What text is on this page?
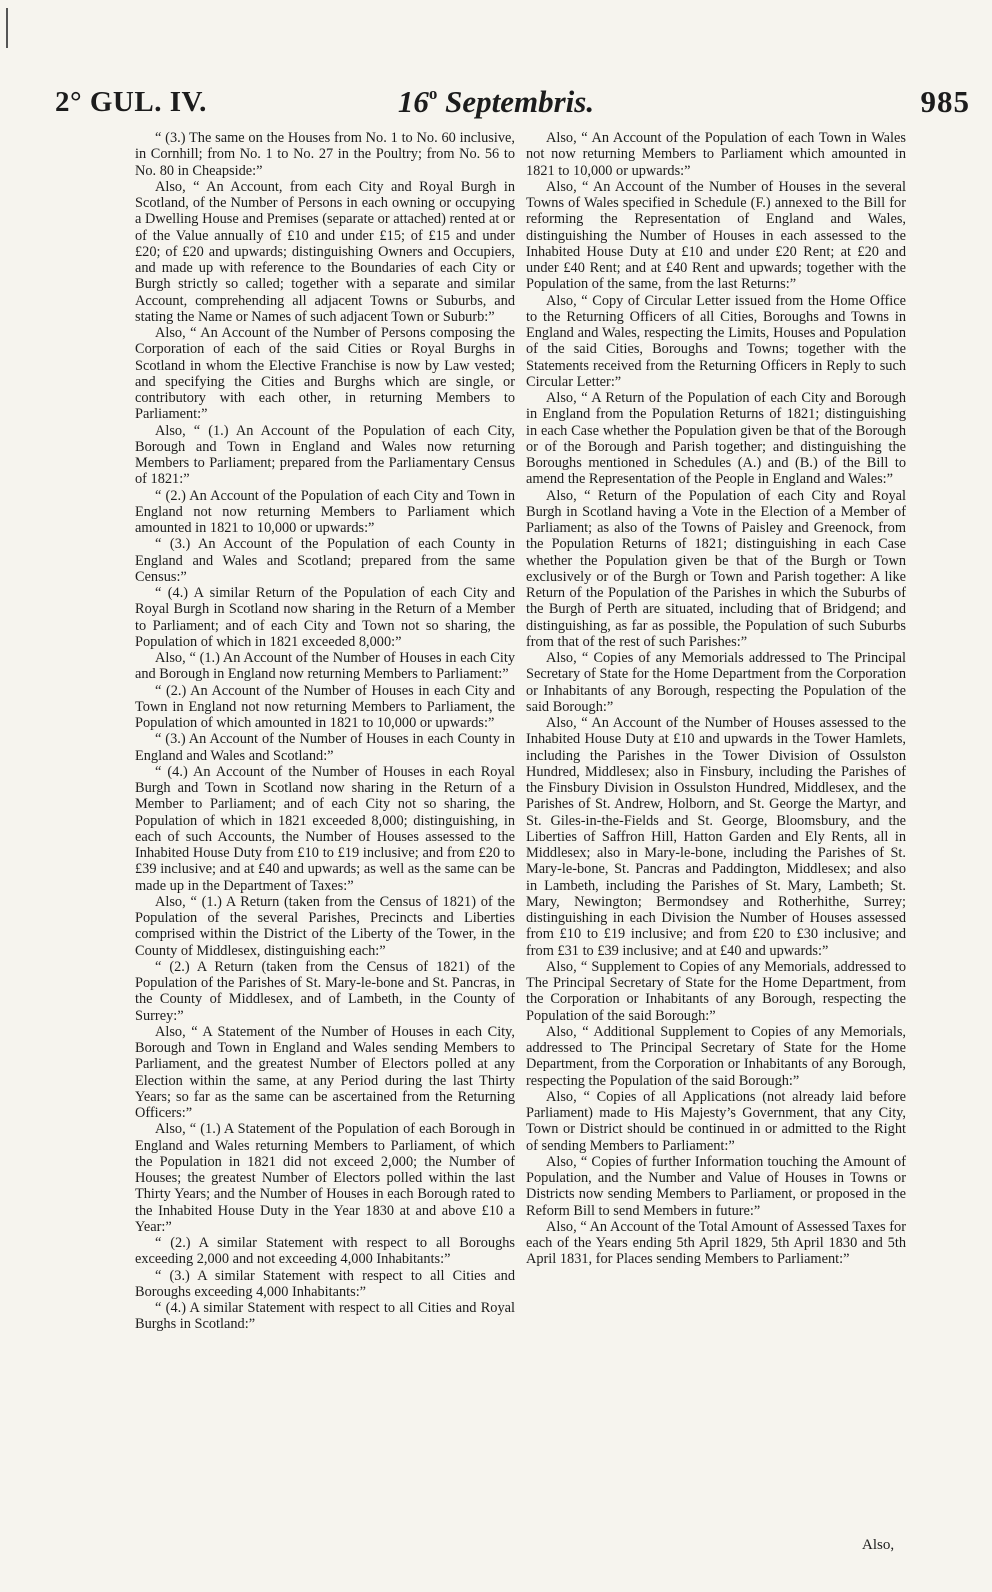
2° GUL. IV.	16$^o$ Septembris.	985

“ (3.) The same on the Houses from No. 1 to No. 60 inclusive, in Cornhill; from No. 1 to No. 27 in the Poultry; from No. 56 to No. 80 in Cheapside:”

Also, “ An Account, from each City and Royal Burgh in Scotland, of the Number of Persons in each owning or occupying a Dwelling House and Premises (separate or attached) rented at or of the Value annually of £10 and under £15; of £15 and under £20; of £20 and upwards; distinguishing Owners and Occupiers, and made up with reference to the Boundaries of each City or Burgh strictly so called; together with a separate and similar Account, comprehending all adjacent Towns or Suburbs, and stating the Name or Names of such adjacent Town or Suburb:”

Also, “ An Account of the Number of Persons composing the Corporation of each of the said Cities or Royal Burghs in Scotland in whom the Elective Franchise is now by Law vested; and specifying the Cities and Burghs which are single, or contributory with each other, in returning Members to Parliament:”

Also, “ (1.) An Account of the Population of each City, Borough and Town in England and Wales now returning Members to Parliament; prepared from the Parliamentary Census of 1821:”

“ (2.) An Account of the Population of each City and Town in England not now returning Members to Parliament which amounted in 1821 to 10,000 or upwards:”

“ (3.) An Account of the Population of each County in England and Wales and Scotland; prepared from the same Census:”

“ (4.) A similar Return of the Population of each City and Royal Burgh in Scotland now sharing in the Return of a Member to Parliament; and of each City and Town not so sharing, the Population of which in 1821 exceeded 8,000:”

Also, “ (1.) An Account of the Number of Houses in each City and Borough in England now returning Members to Parliament:”

“ (2.) An Account of the Number of Houses in each City and Town in England not now returning Members to Parliament, the Population of which amounted in 1821 to 10,000 or upwards:”

“ (3.) An Account of the Number of Houses in each County in England and Wales and Scotland:”

“ (4.) An Account of the Number of Houses in each Royal Burgh and Town in Scotland now sharing in the Return of a Member to Parliament; and of each City not so sharing, the Population of which in 1821 exceeded 8,000; distinguishing, in each of such Accounts, the Number of Houses assessed to the Inhabited House Duty from £10 to £19 inclusive; and from £20 to £39 inclusive; and at £40 and upwards; as well as the same can be made up in the Department of Taxes:”

Also, “ (1.) A Return (taken from the Census of 1821) of the Population of the several Parishes, Precincts and Liberties comprised within the District of the Liberty of the Tower, in the County of Middlesex, distinguishing each:”

“ (2.) A Return (taken from the Census of 1821) of the Population of the Parishes of St. Mary-le-bone and St. Pancras, in the County of Middlesex, and of Lambeth, in the County of Surrey:”

Also, “ A Statement of the Number of Houses in each City, Borough and Town in England and Wales sending Members to Parliament, and the greatest Number of Electors polled at any Election within the same, at any Period during the last Thirty Years; so far as the same can be ascertained from the Returning Officers:”

Also, “ (1.) A Statement of the Population of each Borough in England and Wales returning Members to Parliament, of which the Population in 1821 did not exceed 2,000; the Number of Houses; the greatest Number of Electors polled within the last Thirty Years; and the Number of Houses in each Borough rated to the Inhabited House Duty in the Year 1830 at and above £10 a Year:”

“ (2.) A similar Statement with respect to all Boroughs exceeding 2,000 and not exceeding 4,000 Inhabitants:”

“ (3.) A similar Statement with respect to all Cities and Boroughs exceeding 4,000 Inhabitants:”

“ (4.) A similar Statement with respect to all Cities and Royal Burghs in Scotland:”

Also, “ An Account of the Population of each Town in Wales not now returning Members to Parliament which amounted in 1821 to 10,000 or upwards:”

Also, “ An Account of the Number of Houses in the several Towns of Wales specified in Schedule (F.) annexed to the Bill for reforming the Representation of England and Wales, distinguishing the Number of Houses in each assessed to the Inhabited House Duty at £10 and under £20 Rent; at £20 and under £40 Rent; and at £40 Rent and upwards; together with the Population of the same, from the last Returns:”

Also, “ Copy of Circular Letter issued from the Home Office to the Returning Officers of all Cities, Boroughs and Towns in England and Wales, respecting the Limits, Houses and Population of the said Cities, Boroughs and Towns; together with the Statements received from the Returning Officers in Reply to such Circular Letter:”

Also, “ A Return of the Population of each City and Borough in England from the Population Returns of 1821; distinguishing in each Case whether the Population given be that of the Borough or of the Borough and Parish together; and distinguishing the Boroughs mentioned in Schedules (A.) and (B.) of the Bill to amend the Representation of the People in England and Wales:”

Also, “ Return of the Population of each City and Royal Burgh in Scotland having a Vote in the Election of a Member of Parliament; as also of the Towns of Paisley and Greenock, from the Population Returns of 1821; distinguishing in each Case whether the Population given be that of the Burgh or Town exclusively or of the Burgh or Town and Parish together: A like Return of the Population of the Parishes in which the Suburbs of the Burgh of Perth are situated, including that of Bridgend; and distinguishing, as far as possible, the Population of such Suburbs from that of the rest of such Parishes:”

Also, “ Copies of any Memorials addressed to The Principal Secretary of State for the Home Department from the Corporation or Inhabitants of any Borough, respecting the Population of the said Borough:”

Also, “ An Account of the Number of Houses assessed to the Inhabited House Duty at £10 and upwards in the Tower Hamlets, including the Parishes in the Tower Division of Ossulston Hundred, Middlesex; also in Finsbury, including the Parishes of the Finsbury Division in Ossulston Hundred, Middlesex, and the Parishes of St. Andrew, Holborn, and St. George the Martyr, and St. Giles-in-the-Fields and St. George, Bloomsbury, and the Liberties of Saffron Hill, Hatton Garden and Ely Rents, all in Middlesex; also in Mary-le-bone, including the Parishes of St. Mary-le-bone, St. Pancras and Paddington, Middlesex; and also in Lambeth, including the Parishes of St. Mary, Lambeth; St. Mary, Newington; Bermondsey and Rotherhithe, Surrey; distinguishing in each Division the Number of Houses assessed from £10 to £19 inclusive; and from £20 to £30 inclusive; and from £31 to £39 inclusive; and at £40 and upwards:”

Also, “ Supplement to Copies of any Memorials, addressed to The Principal Secretary of State for the Home Department, from the Corporation or Inhabitants of any Borough, respecting the Population of the said Borough:”

Also, “ Additional Supplement to Copies of any Memorials, addressed to The Principal Secretary of State for the Home Department, from the Corporation or Inhabitants of any Borough, respecting the Population of the said Borough:”

Also, “ Copies of all Applications (not already laid before Parliament) made to His Majesty’s Government, that any City, Town or District should be continued in or admitted to the Right of sending Members to Parliament:”

Also, “ Copies of further Information touching the Amount of Population, and the Number and Value of Houses in Towns or Districts now sending Members to Parliament, or proposed in the Reform Bill to send Members in future:”

Also, “ An Account of the Total Amount of Assessed Taxes for each of the Years ending 5th April 1829, 5th April 1830 and 5th April 1831, for Places sending Members to Parliament:”

Also,
